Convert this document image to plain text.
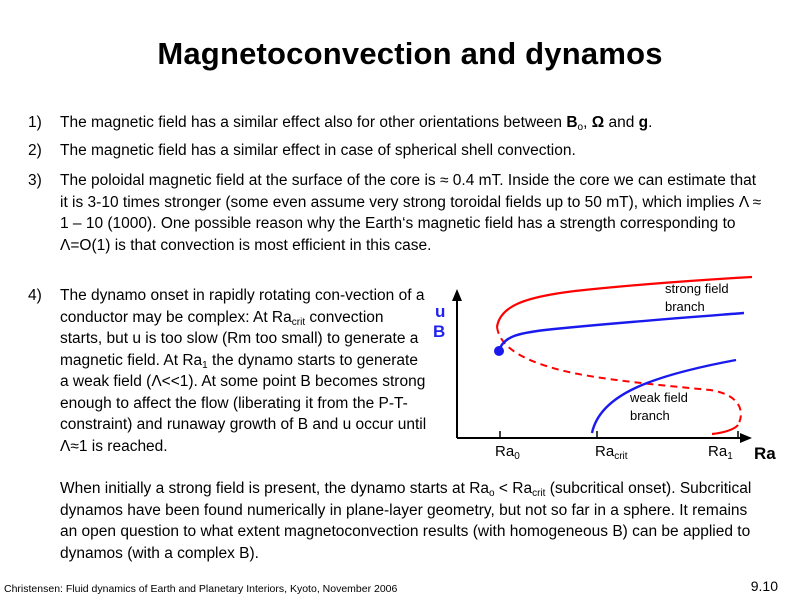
Magnetoconvection and dynamos
1) The magnetic field has a similar effect also for other orientations between $B_o$, Ω and g.
2) The magnetic field has a similar effect in case of spherical shell convection.
3) The poloidal magnetic field at the surface of the core is ≈ 0.4 mT. Inside the core we can estimate that it is 3-10 times stronger (some even assume very strong toroidal fields up to 50 mT), which implies Λ ≈ 1 – 10 (1000). One possible reason why the Earth‘s magnetic field has a strength corresponding to Λ=O(1) is that convection is most efficient in this case.
4) The dynamo onset in rapidly rotating con-vection of a conductor may be complex: At $Ra_{crit}$ convection starts, but u is too slow (Rm too small) to generate a magnetic field. At $Ra_1$ the dynamo starts to generate a weak field (Λ<<1). At some point B becomes strong enough to affect the flow (liberating it from the P-T-constraint) and runaway growth of B and u occur until Λ≈1 is reached.
When initially a strong field is present, the dynamo starts at $Ra_o < Ra_{crit}$ (subcritical onset). Subcritical dynamos have been found numerically in plane-layer geometry, but not so far in a sphere. It remains an open question to what extent magnetoconvection results (with homogeneous B) can be applied to dynamos (with a complex B).
u
B
Ra
$Ra_0$	$Ra_{crit}$	$Ra_1$
strong field
branch
weak field
branch
Christensen: Fluid dynamics of Earth and Planetary Interiors, Kyoto, November 2006	9.10
